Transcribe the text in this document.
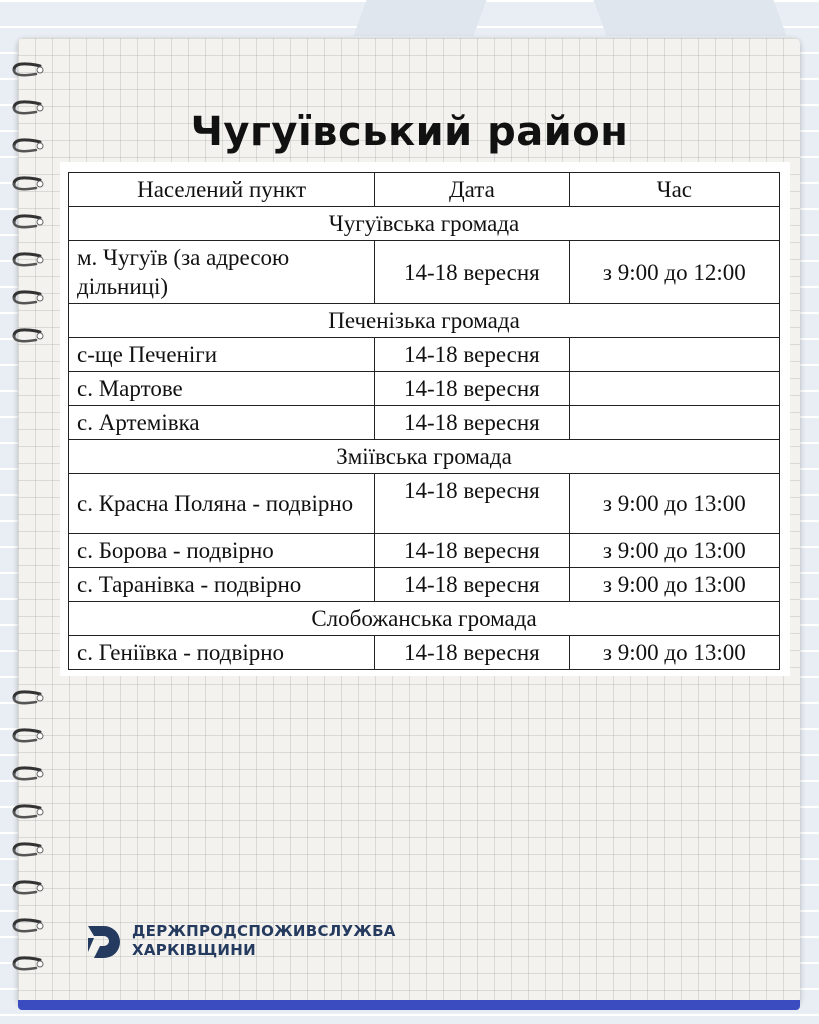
Чугуївський район
Населений пункт	Дата	Час
Чугуївська громада		
м. Чугуїв (за адресою дільниці)	14-18 вересня	з 9:00 до 12:00
Печенізька громада		
с-ще Печеніги	14-18 вересня	
с. Мартове	14-18 вересня	
с. Артемівка	14-18 вересня	
Зміївська громада		
с. Красна Поляна - подвірно	14-18 вересня	з 9:00 до 13:00
с. Борова - подвірно	14-18 вересня	з 9:00 до 13:00
с. Таранівка - подвірно	14-18 вересня	з 9:00 до 13:00
Слобожанська громада		
с. Геніївка - подвірно	14-18 вересня	з 9:00 до 13:00
ДЕРЖПРОДСПОЖИВСЛУЖБА
ХАРКІВЩИНИ
